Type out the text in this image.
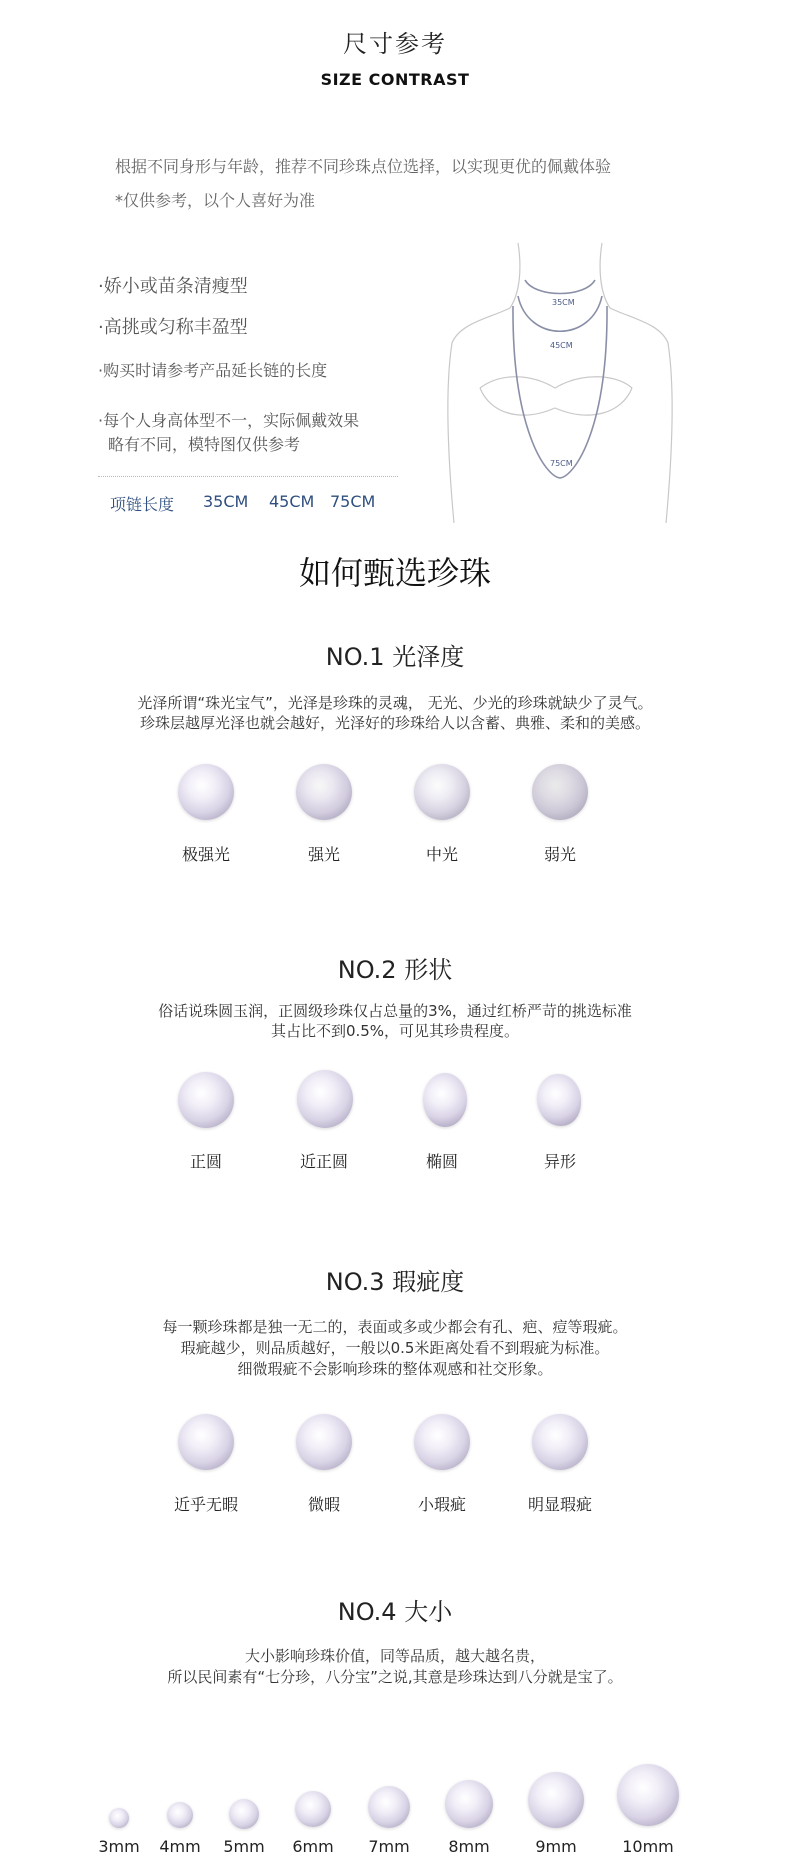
尺寸参考
SIZE CONTRAST
根据不同身形与年龄，推荐不同珍珠点位选择，以实现更优的佩戴体验
*仅供参考，以个人喜好为准
·娇小或苗条清瘦型
·高挑或匀称丰盈型
·购买时请参考产品延长链的长度
·每个人身高体型不一，实际佩戴效果
略有不同，模特图仅供参考
项链长度 35CM 45CM 75CM
35CM
45CM
75CM
如何甄选珍珠
NO.1 光泽度
光泽所谓“珠光宝气”，光泽是珍珠的灵魂， 无光、少光的珍珠就缺少了灵气。
珍珠层越厚光泽也就会越好，光泽好的珍珠给人以含蓄、典雅、柔和的美感。
极强光	强光	中光	弱光
NO.2 形状
俗话说珠圆玉润，正圆级珍珠仅占总量的3%，通过红桥严苛的挑选标准
其占比不到0.5%，可见其珍贵程度。
正圆	近正圆	椭圆	异形
NO.3 瑕疵度
每一颗珍珠都是独一无二的，表面或多或少都会有孔、疤、痘等瑕疵。
瑕疵越少，则品质越好，一般以0.5米距离处看不到瑕疵为标准。
细微瑕疵不会影响珍珠的整体观感和社交形象。
近乎无暇	微暇	小瑕疵	明显瑕疵
NO.4 大小
大小影响珍珠价值，同等品质，越大越名贵，
所以民间素有“七分珍，八分宝”之说,其意是珍珠达到八分就是宝了。
3mm	4mm	5mm	6mm	7mm	8mm	9mm	10mm
